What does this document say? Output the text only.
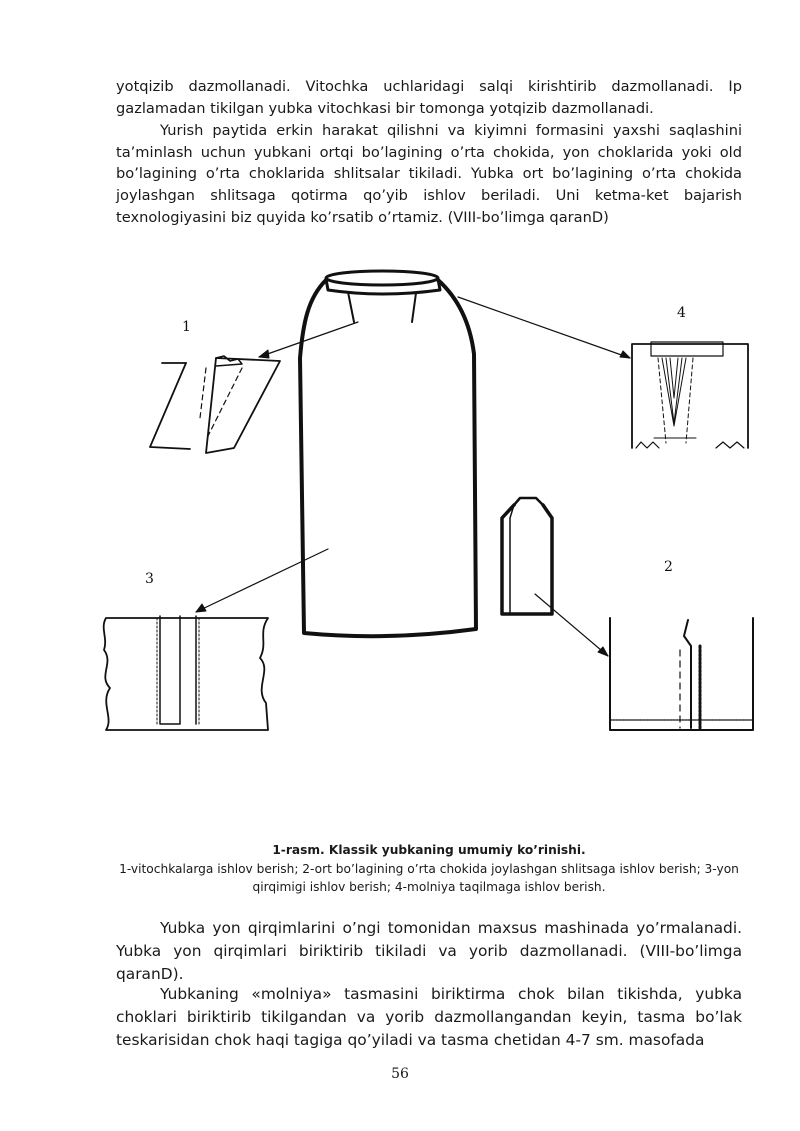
yotqizib dazmollanadi. Vitochka uchlaridagi salqi kirishtirib dazmollanadi. Ip gazlamadan tikilgan yubka vitochkasi bir tomonga yotqizib dazmollanadi.

Yurish paytida erkin harakat qilishni va kiyimni formasini yaxshi saqlashini ta’minlash uchun yubkani ortqi bo’lagining o’rta chokida, yon choklarida yoki old bo’lagining o’rta choklarida shlitsalar tikiladi. Yubka ort bo’lagining o’rta chokida joylashgan shlitsaga qotirma qo’yib ishlov beriladi. Uni ketma-ket bajarish texnologiyasini biz quyida ko’rsatib o’rtamiz. (VIII-bo’limga qaranD)

1
4
2
3

1-rasm. Klassik yubkaning umumiy ko’rinishi.

1-vitochkalarga ishlov berish; 2-ort bo’lagining o’rta chokida joylashgan shlitsaga ishlov berish; 3-yon qirqimigi ishlov berish; 4-molniya taqilmaga ishlov berish.

Yubka yon qirqimlarini o’ngi tomonidan maxsus mashinada yo’rmalanadi. Yubka yon qirqimlari biriktirib tikiladi va yorib dazmollanadi. (VIII-bo’limga qaranD).

Yubkaning «molniya» tasmasini biriktirma chok bilan tikishda, yubka choklari biriktirib tikilgandan va yorib dazmollangandan keyin, tasma bo’lak teskarisidan chok haqi tagiga qo’yiladi va tasma chetidan 4-7 sm. masofada

56
